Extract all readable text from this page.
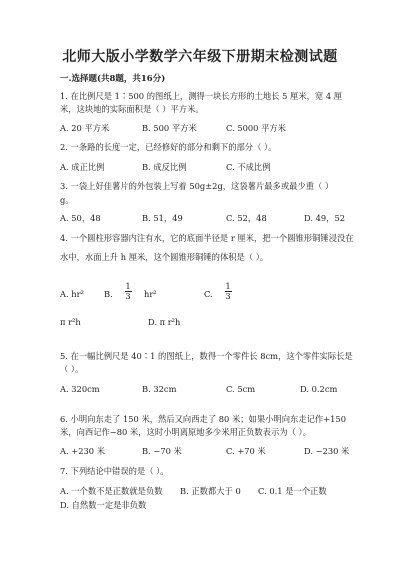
北师大版小学数学六年级下册期末检测试题
一.选择题(共8题，共16分)
1. 在比例尺是 1∶500 的图纸上，测得一块长方形的土地长 5 厘米，宽 4 厘
米，这块地的实际面积是（ ）平方米。
A. 20 平方米	B. 500 平方米	C. 5000 平方米
2. 一条路的长度一定，已经修好的部分和剩下的部分（ ）。
A. 成正比例	B. 成反比例	C. 不成比例
3. 一袋上好佳薯片的外包装上写着 50g±2g，这袋薯片最多或最少重（ ）
g。
A. 50，48	B. 51，49	C. 52，48	D. 49，52
4. 一个圆柱形容器内注有水，它的底面半径是 r 厘米，把一个圆锥形铜锤浸没在
水中，水面上升 h 厘米，这个圆锥形铜锤的体积是（ ）。
A. hr² B.
1
3 hr²	C.
1
3
π r²h	D. π r²h
5. 在一幅比例尺是 40∶1 的图纸上，数得一个零件长 8cm，这个零件实际长是
（ ）。
A. 320cm	B. 32cm	C. 5cm	D. 0.2cm
6. 小明向东走了 150 米，然后又向西走了 80 米；如果小明向东走记作+150
米，向西记作−80 米，这时小明离原地多少米用正负数表示为（ ）。
A. +230 米	B. −70 米	C. +70 米	D. −230 米
7. 下列结论中错误的是（ ）。
A. 一个数不是正数就是负数 B. 正数都大于 0 C. 0.1 是一个正数
D. 自然数一定是非负数
